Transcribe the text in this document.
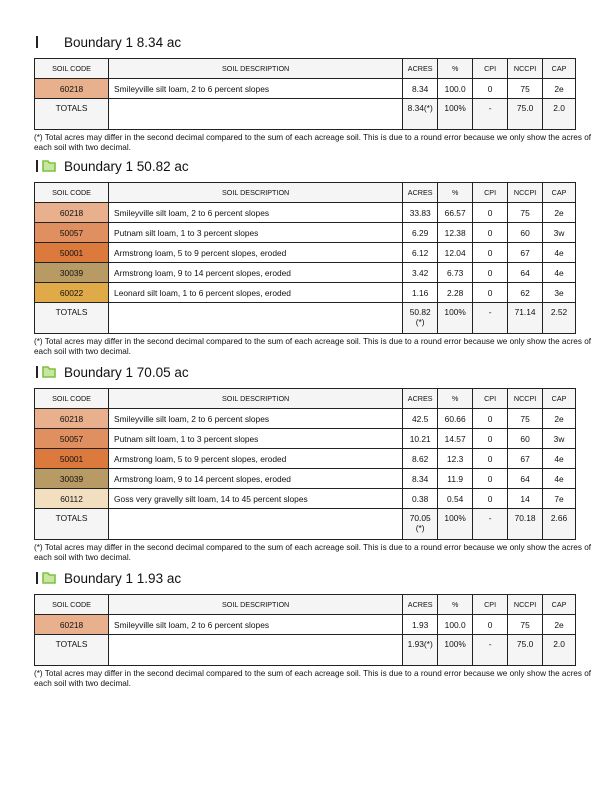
Boundary 1 8.34 ac
SOIL CODE	SOIL DESCRIPTION	ACRES	%	CPI	NCCPI	CAP
60218	Smileyville silt loam, 2 to 6 percent slopes	8.34	100.0	0	75	2e
TOTALS		8.34(*)	100%	-	75.0	2.0
(*) Total acres may differ in the second decimal compared to the sum of each acreage soil. This is due to a round error because we only show the acres of each soil with two decimal.
Boundary 1 50.82 ac
SOIL CODE	SOIL DESCRIPTION	ACRES	%	CPI	NCCPI	CAP
60218	Smileyville silt loam, 2 to 6 percent slopes	33.83	66.57	0	75	2e
50057	Putnam silt loam, 1 to 3 percent slopes	6.29	12.38	0	60	3w
50001	Armstrong loam, 5 to 9 percent slopes, eroded	6.12	12.04	0	67	4e
30039	Armstrong loam, 9 to 14 percent slopes, eroded	3.42	6.73	0	64	4e
60022	Leonard silt loam, 1 to 6 percent slopes, eroded	1.16	2.28	0	62	3e
TOTALS		50.82(*)	100%	-	71.14	2.52
(*) Total acres may differ in the second decimal compared to the sum of each acreage soil. This is due to a round error because we only show the acres of each soil with two decimal.
Boundary 1 70.05 ac
SOIL CODE	SOIL DESCRIPTION	ACRES	%	CPI	NCCPI	CAP
60218	Smileyville silt loam, 2 to 6 percent slopes	42.5	60.66	0	75	2e
50057	Putnam silt loam, 1 to 3 percent slopes	10.21	14.57	0	60	3w
50001	Armstrong loam, 5 to 9 percent slopes, eroded	8.62	12.3	0	67	4e
30039	Armstrong loam, 9 to 14 percent slopes, eroded	8.34	11.9	0	64	4e
60112	Goss very gravelly silt loam, 14 to 45 percent slopes	0.38	0.54	0	14	7e
TOTALS		70.05(*)	100%	-	70.18	2.66
(*) Total acres may differ in the second decimal compared to the sum of each acreage soil. This is due to a round error because we only show the acres of each soil with two decimal.
Boundary 1 1.93 ac
SOIL CODE	SOIL DESCRIPTION	ACRES	%	CPI	NCCPI	CAP
60218	Smileyville silt loam, 2 to 6 percent slopes	1.93	100.0	0	75	2e
TOTALS		1.93(*)	100%	-	75.0	2.0
(*) Total acres may differ in the second decimal compared to the sum of each acreage soil. This is due to a round error because we only show the acres of each soil with two decimal.
